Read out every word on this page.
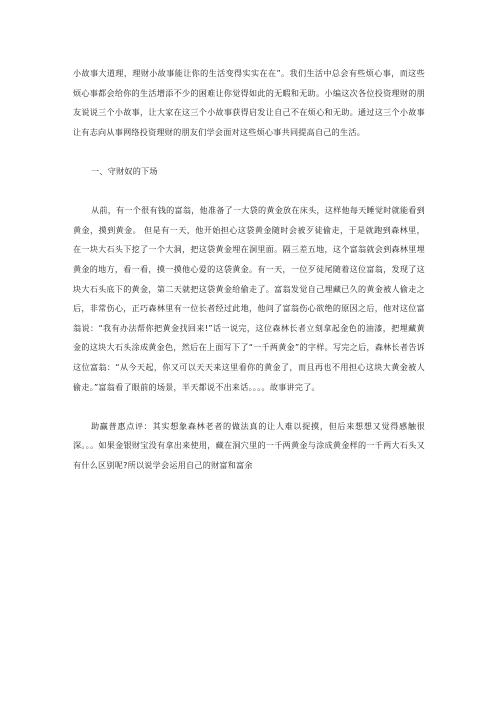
小故事大道理，理财小故事能让你的生活变得实实在在”。我们生活中总会有些烦心事，而这些烦心事都会给你的生活增添不少的困难让你觉得如此的无暇和无助。小编这次各位投资理财的朋友说说三个小故事，让大家在这三个小故事获得启发让自己不在烦心和无助。通过这三个小故事让有志向从事网络投资理财的朋友们学会面对这些烦心事共同提高自己的生活。

一、守财奴的下场

从前，有一个很有钱的富翁，他准备了一大袋的黄金放在床头，这样他每天睡觉时就能看到黄金，摸到黄金。 但是有一天，他开始担心这袋黄金随时会被歹徒偷走，于是就跑到森林里，在一块大石头下挖了一个大洞，把这袋黄金埋在洞里面。隔三差五地，这个富翁就会到森林里埋黄金的地方，看一看，摸一摸他心爱的这袋黄金。有一天，一位歹徒尾随着这位富翁，发现了这块大石头底下的黄金，第二天就把这袋黄金给偷走了。富翁发觉自己埋藏已久的黄金被人偷走之后，非常伤心，正巧森林里有一位长者经过此地，他问了富翁伤心欲绝的原因之后，他对这位富翁说：“我有办法帮你把黄金找回来!”话一说完，这位森林长者立刻拿起金色的油漆，把埋藏黄金的这块大石头涂成黄金色，然后在上面写下了“一千两黄金”的字样。写完之后，森林长者告诉这位富翁：“从今天起，你又可以天天来这里看你的黄金了，而且再也不用担心这块大黄金被人偷走。”富翁看了眼前的场景，半天都说不出来话。。。。故事讲完了。

助赢普惠点评：其实想象森林老者的做法真的让人难以捉摸，但后来想想又觉得感触很深。。。如果金银财宝没有拿出来使用，藏在洞穴里的一千两黄金与涂成黄金样的一千两大石头又有什么区别呢?所以说学会运用自己的财富和富余
